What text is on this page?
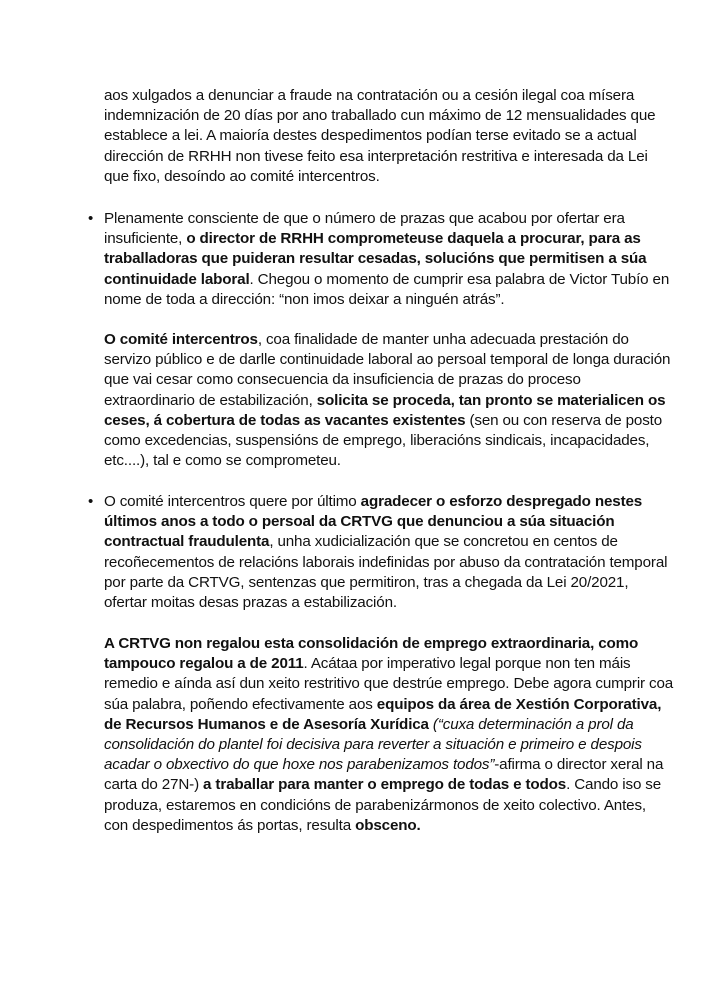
aos xulgados a denunciar a fraude na contratación ou a cesión ilegal coa mísera indemnización de 20 días por ano traballado cun máximo de 12 mensualidades que establece a lei. A maioría destes despedimentos podían terse evitado se a actual dirección de RRHH non tivese feito esa interpretación restritiva e interesada da Lei que fixo, desoíndo ao comité intercentros.

• Plenamente consciente de que o número de prazas que acabou por ofertar era insuficiente, o director de RRHH comprometeuse daquela a procurar, para as traballadoras que puideran resultar cesadas, solucións que permitisen a súa continuidade laboral. Chegou o momento de cumprir esa palabra de Victor Tubío en nome de toda a dirección: “non imos deixar a ninguén atrás”.

O comité intercentros, coa finalidade de manter unha adecuada prestación do servizo público e de darlle continuidade laboral ao persoal temporal de longa duración que vai cesar como consecuencia da insuficiencia de prazas do proceso extraordinario de estabilización, solicita se proceda, tan pronto se materialicen os ceses, á cobertura de todas as vacantes existentes (sen ou con reserva de posto como excedencias, suspensións de emprego, liberacións sindicais, incapacidades, etc....), tal e como se comprometeu.

• O comité intercentros quere por último agradecer o esforzo despregado nestes últimos anos a todo o persoal da CRTVG que denunciou a súa situación contractual fraudulenta, unha xudicialización que se concretou en centos de recoñecementos de relacións laborais indefinidas por abuso da contratación temporal por parte da CRTVG, sentenzas que permitiron, tras a chegada da Lei 20/2021, ofertar moitas desas prazas a estabilización.

A CRTVG non regalou esta consolidación de emprego extraordinaria, como tampouco regalou a de 2011. Acátaa por imperativo legal porque non ten máis remedio e aínda así dun xeito restritivo que destrúe emprego. Debe agora cumprir coa súa palabra, poñendo efectivamente aos equipos da área de Xestión Corporativa, de Recursos Humanos e de Asesoría Xurídica (“cuxa determinación a prol da consolidación do plantel foi decisiva para reverter a situación e primeiro e despois acadar o obxectivo do que hoxe nos parabenizamos todos”-afirma o director xeral na carta do 27N-) a traballar para manter o emprego de todas e todos. Cando iso se produza, estaremos en condicións de parabenizármonos de xeito colectivo. Antes, con despedimentos ás portas, resulta obsceno.
